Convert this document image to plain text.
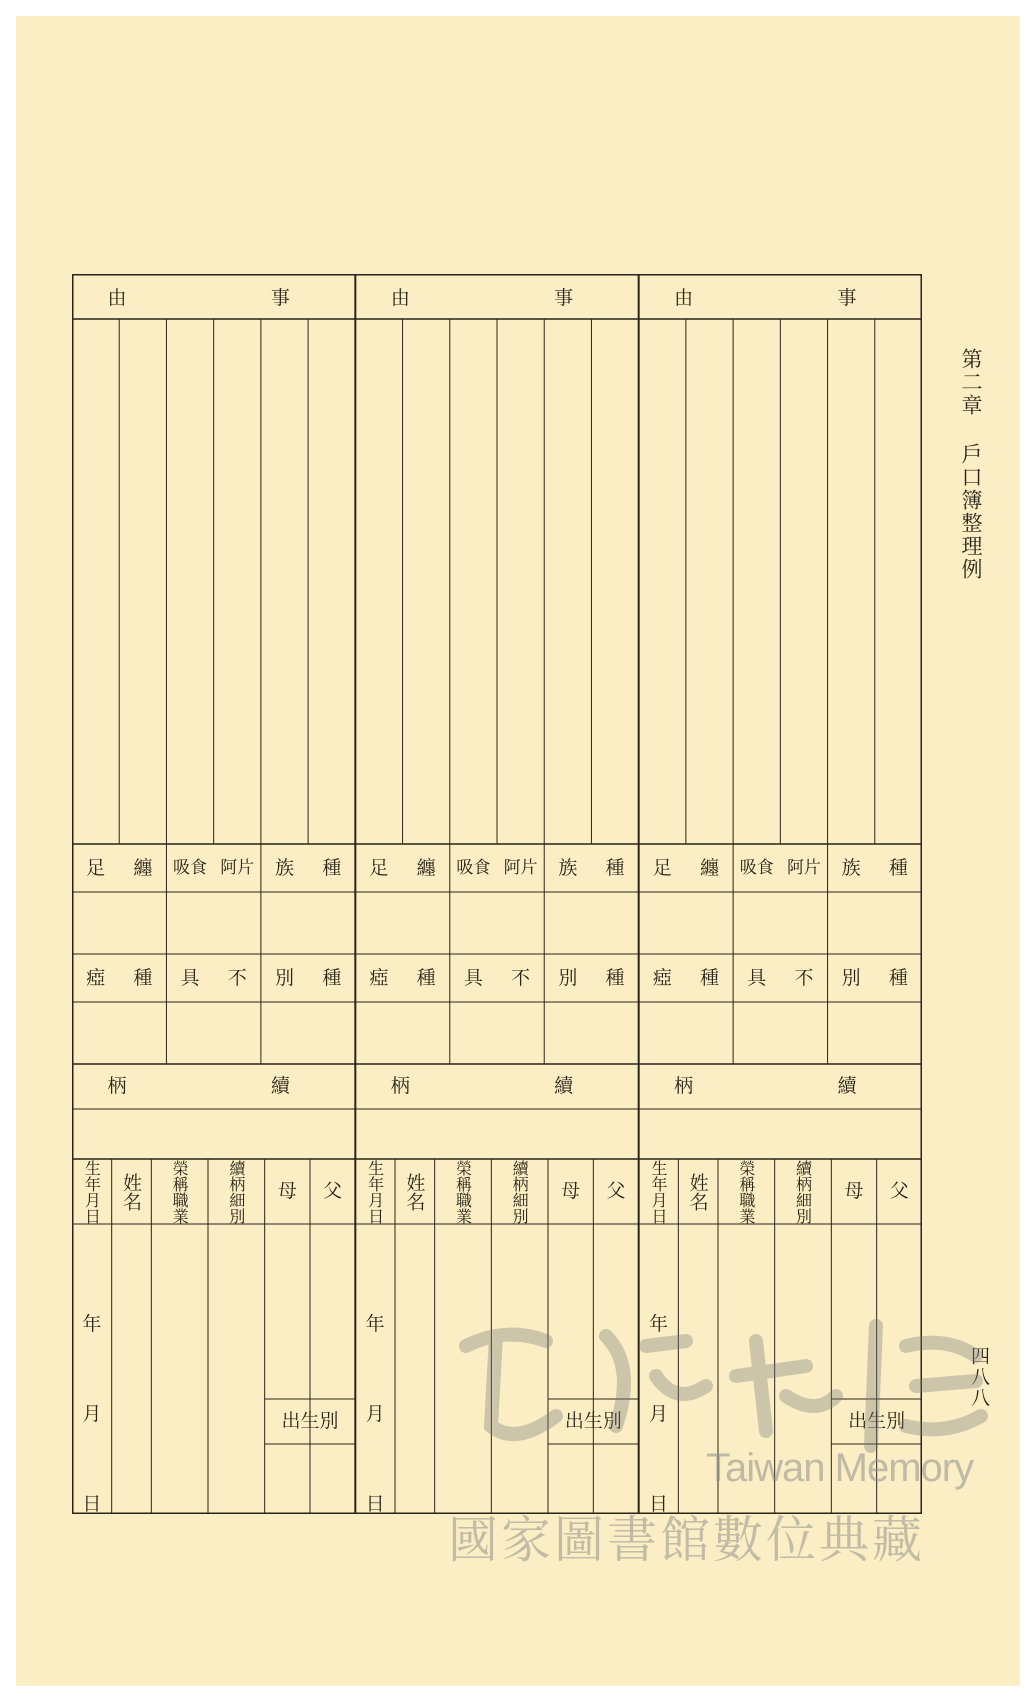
事
由
種
族
種
別
阿片
吸食
不
具
纏
足
種
瘂
續
柄
父
母
續柄細別
榮稱職業
姓名
生年月日
年
月
日
出生別
事
由
種
族
種
別
阿片
吸食
不
具
纏
足
種
瘂
續
柄
父
母
續柄細別
榮稱職業
姓名
生年月日
年
月
日
出生別
事
由
種
族
種
別
阿片
吸食
不
具
纏
足
種
瘂
續
柄
父
母
續柄細別
榮稱職業
姓名
生年月日
年
月
日
出生別
第二章 戶口簿整理例
四八八
Taiwan Memory
國家圖書館數位典藏
